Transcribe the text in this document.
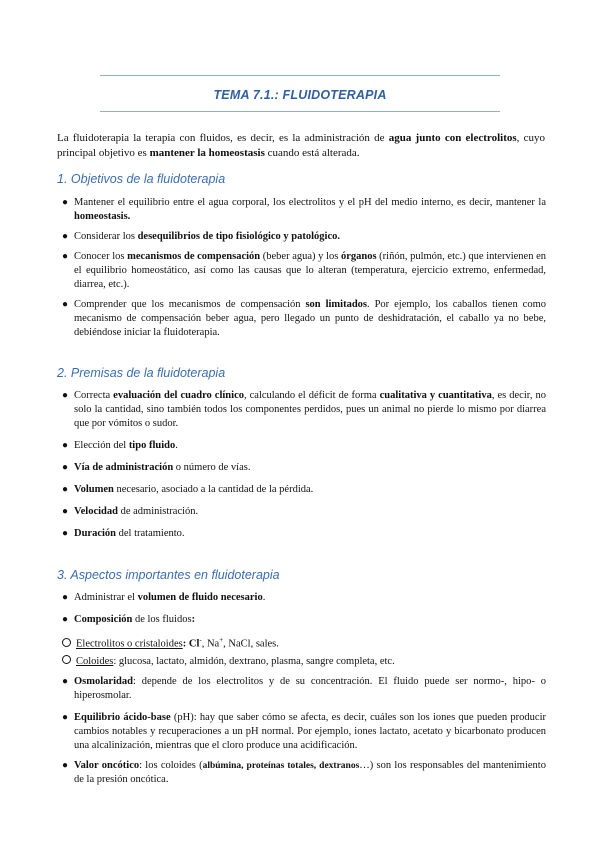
TEMA 7.1.: FLUIDOTERAPIA
La fluidoterapia la terapia con fluidos, es decir, es la administración de agua junto con electrolitos, cuyo principal objetivo es mantener la homeostasis cuando está alterada.
1. Objetivos de la fluidoterapia
● Mantener el equilibrio entre el agua corporal, los electrolitos y el pH del medio interno, es decir, mantener la homeostasis.
● Considerar los desequilibrios de tipo fisiológico y patológico.
● Conocer los mecanismos de compensación (beber agua) y los órganos (riñón, pulmón, etc.) que intervienen en el equilibrio homeostático, así como las causas que lo alteran (temperatura, ejercicio extremo, enfermedad, diarrea, etc.).
● Comprender que los mecanismos de compensación son limitados. Por ejemplo, los caballos tienen como mecanismo de compensación beber agua, pero llegado un punto de deshidratación, el caballo ya no bebe, debiéndose iniciar la fluidoterapia.
2. Premisas de la fluidoterapia
● Correcta evaluación del cuadro clínico, calculando el déficit de forma cualitativa y cuantitativa, es decir, no solo la cantidad, sino también todos los componentes perdidos, pues un animal no pierde lo mismo por diarrea que por vómitos o sudor.
● Elección del tipo fluido.
● Vía de administración o número de vías.
● Volumen necesario, asociado a la cantidad de la pérdida.
● Velocidad de administración.
● Duración del tratamiento.
3. Aspectos importantes en fluidoterapia
● Administrar el volumen de fluido necesario.
● Composición de los fluidos:
Electrolitos o cristaloides: Cl-, Na+, NaCl, sales.
Coloides: glucosa, lactato, almidón, dextrano, plasma, sangre completa, etc.
● Osmolaridad: depende de los electrolitos y de su concentración. El fluido puede ser normo-, hipo- o hiperosmolar.
● Equilibrio ácido-base (pH): hay que saber cómo se afecta, es decir, cuáles son los iones que pueden producir cambios notables y recuperaciones a un pH normal. Por ejemplo, iones lactato, acetato y bicarbonato producen una alcalinización, mientras que el cloro produce una acidificación.
● Valor oncótico: los coloides (albúmina, proteínas totales, dextranos…) son los responsables del mantenimiento de la presión oncótica.
